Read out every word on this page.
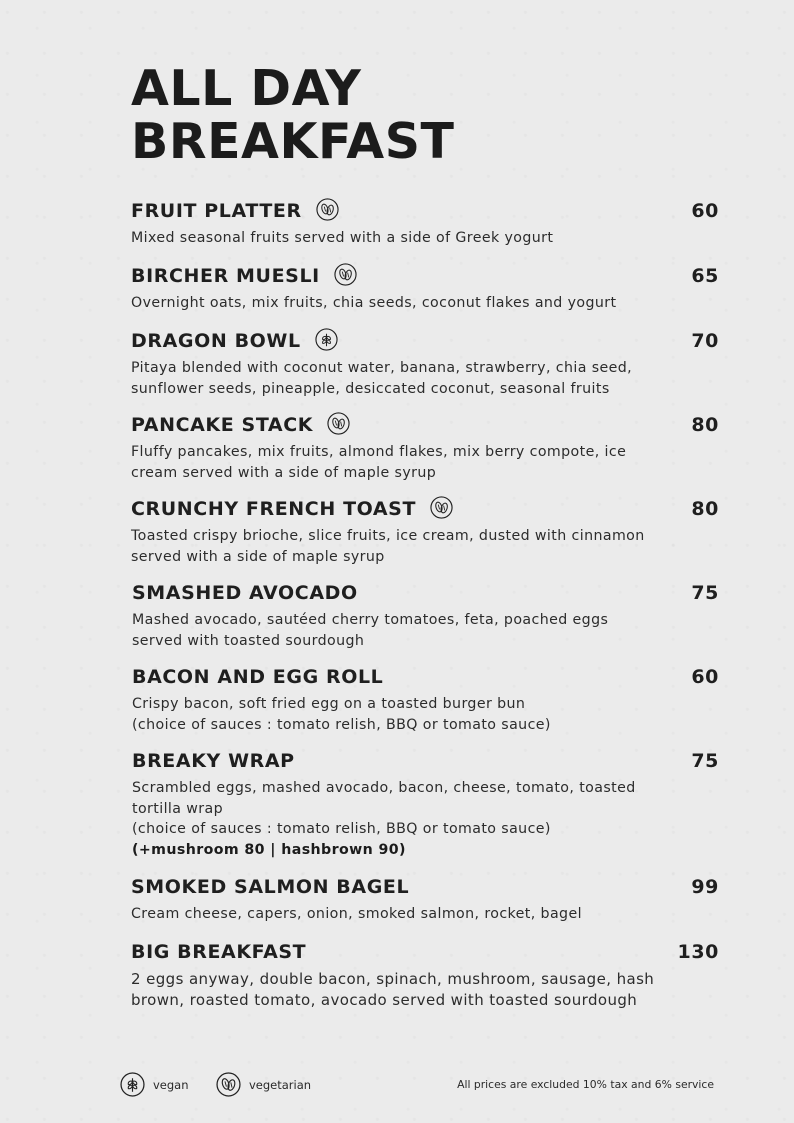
ALL DAY
BREAKFAST
FRUIT PLATTER	60
Mixed seasonal fruits served with a side of Greek yogurt
BIRCHER MUESLI	65
Overnight oats, mix fruits, chia seeds, coconut flakes and yogurt
DRAGON BOWL	70
Pitaya blended with coconut water, banana, strawberry, chia seed,
sunflower seeds, pineapple, desiccated coconut, seasonal fruits
PANCAKE STACK	80
Fluffy pancakes, mix fruits, almond flakes, mix berry compote, ice
cream served with a side of maple syrup
CRUNCHY FRENCH TOAST	80
Toasted crispy brioche, slice fruits, ice cream, dusted with cinnamon
served with a side of maple syrup
SMASHED AVOCADO	75
Mashed avocado, sautéed cherry tomatoes, feta, poached eggs
served with toasted sourdough
BACON AND EGG ROLL	60
Crispy bacon, soft fried egg on a toasted burger bun
(choice of sauces : tomato relish, BBQ or tomato sauce)
BREAKY WRAP	75
Scrambled eggs, mashed avocado, bacon, cheese, tomato, toasted
tortilla wrap
(choice of sauces : tomato relish, BBQ or tomato sauce)
(+mushroom 80 | hashbrown 90)
SMOKED SALMON BAGEL	99
Cream cheese, capers, onion, smoked salmon, rocket, bagel
BIG BREAKFAST	130
2 eggs anyway, double bacon, spinach, mushroom, sausage, hash
brown, roasted tomato, avocado served with toasted sourdough
vegan	vegetarian	All prices are excluded 10% tax and 6% service
